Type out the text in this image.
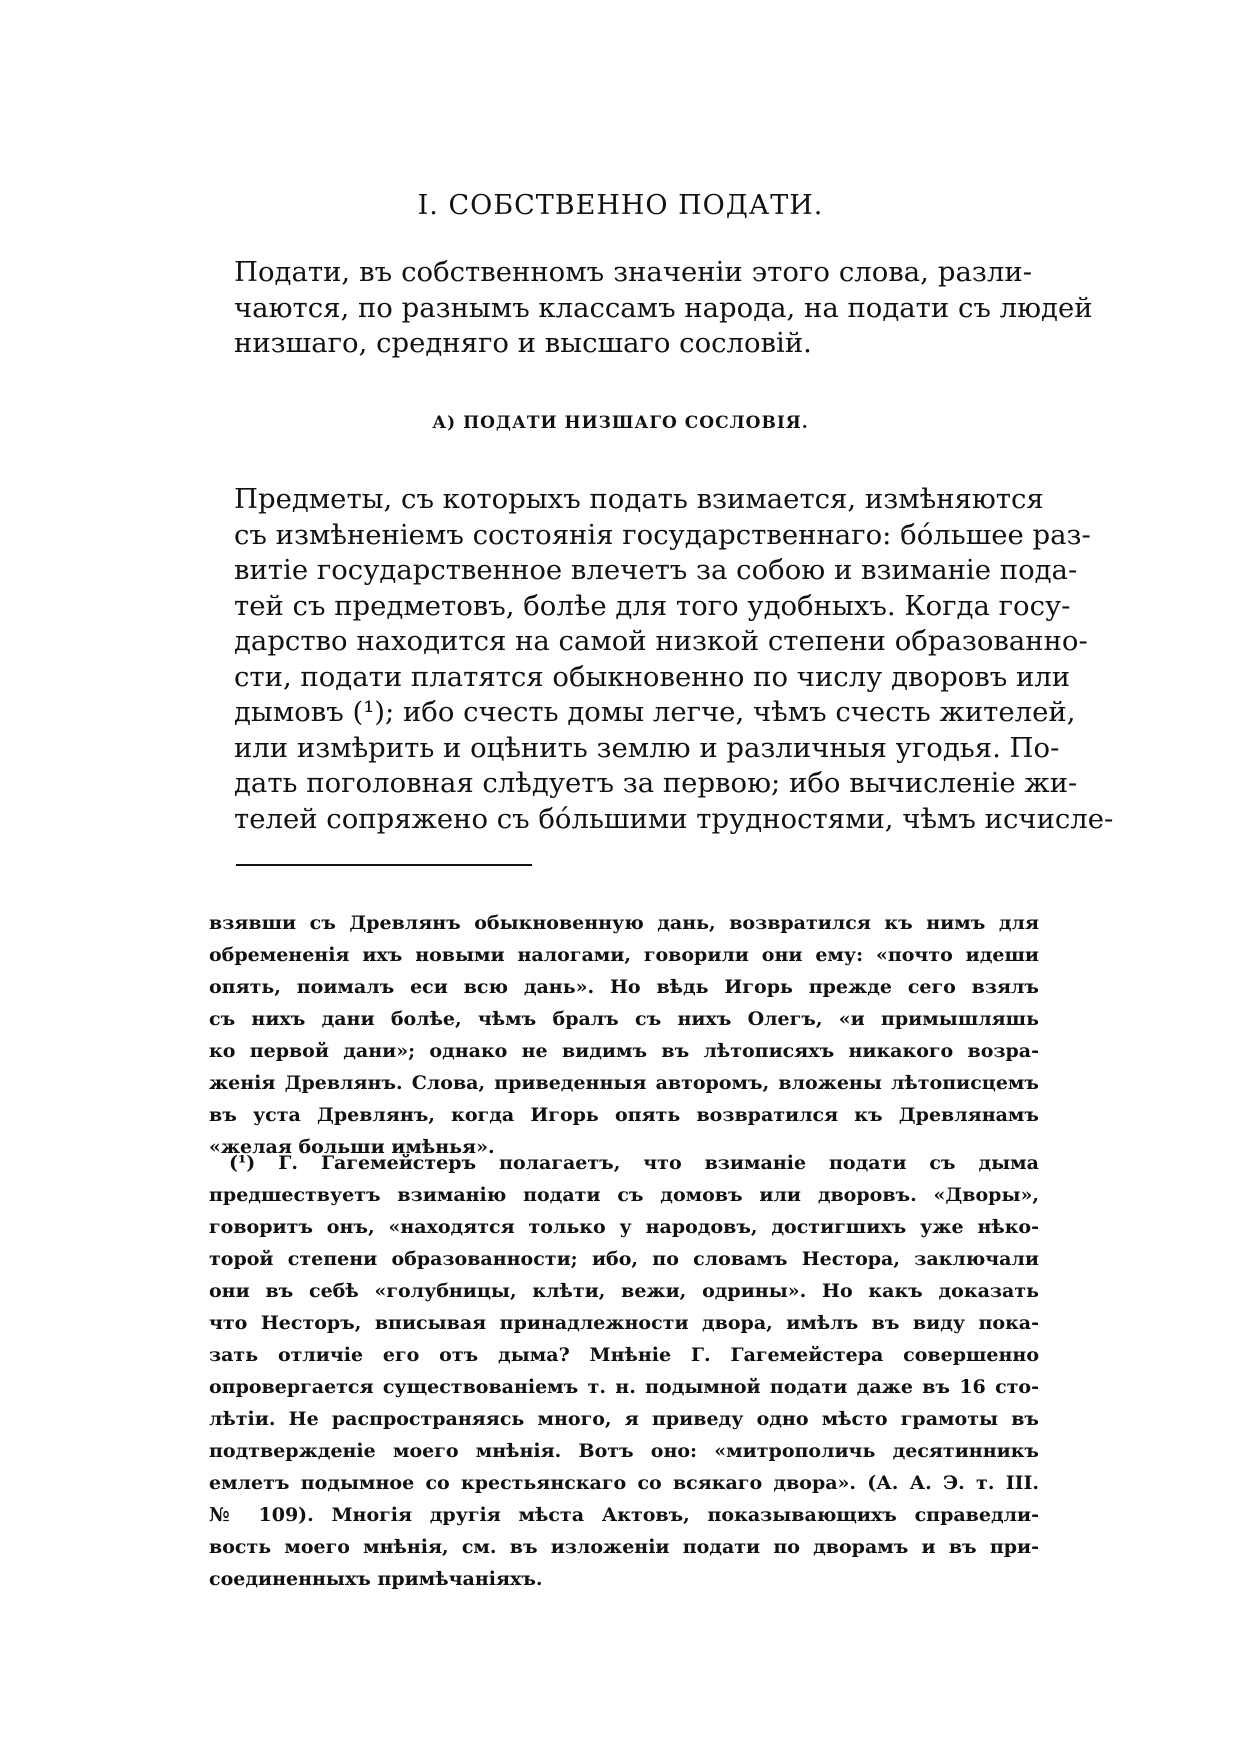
I. СОБСТВЕННО ПОДАТИ.
Подати, въ собственномъ значенiи этого слова, разли-
чаются, по разнымъ классамъ народа, на подати съ людей
низшаго, средняго и высшаго сословiй.
А) ПОДАТИ НИЗШАГО СОСЛОВIЯ.
Предметы, съ которыхъ подать взимается, измѣняются
съ измѣненiемъ состоянiя государственнаго: бóльшее раз-
витiе государственное влечетъ за собою и взиманiе пода-
тей съ предметовъ, болѣе для того удобныхъ. Когда госу-
дарство находится на самой низкой степени образованно-
сти, подати платятся обыкновенно по числу дворовъ или
дымовъ (¹); ибо счесть домы легче, чѣмъ счесть жителей,
или измѣрить и оцѣнить землю и различныя угодья. По-
дать поголовная слѣдуетъ за первою; ибо вычисленiе жи-
телей сопряжено съ бóльшими трудностями, чѣмъ исчисле-
взявши съ Древлянъ обыкновенную дань, возвратился къ нимъ для
обремененiя ихъ новыми налогами, говорили они ему: «почто идеши
опять, поималъ еси всю дань». Но вѣдь Игорь прежде сего взялъ
съ нихъ дани болѣе, чѣмъ бралъ съ нихъ Олегъ, «и примышляшь
ко первой дани»; однако не видимъ въ лѣтописяхъ никакого возра-
женiя Древлянъ. Слова, приведенныя авторомъ, вложены лѣтописцемъ
въ уста Древлянъ, когда Игорь опять возвратился къ Древлянамъ
«желая больши имѣнья».
(¹) Г. Гагемейстеръ полагаетъ, что взиманiе подати съ дыма
предшествуетъ взиманiю подати съ домовъ или дворовъ. «Дворы»,
говоритъ онъ, «находятся только у народовъ, достигшихъ уже нѣко-
торой степени образованности; ибо, по словамъ Нестора, заключали
они въ себѣ «голубницы, клѣти, вежи, одрины». Но какъ доказать
что Несторъ, вписывая принадлежности двора, имѣлъ въ виду пока-
зать отличiе его отъ дыма? Мнѣнiе Г. Гагемейстера совершенно
опровергается существованiемъ т. н. подымной подати даже въ 16 сто-
лѣтiи. Не распространяясь много, я приведу одно мѣсто грамоты въ
подтвержденiе моего мнѣнiя. Вотъ оно: «митрополичь десятинникъ
емлетъ подымное со крестьянскаго со всякаго двора». (А. А. Э. т. III.
№ 109). Многiя другiя мѣста Актовъ, показывающихъ справедли-
вость моего мнѣнiя, см. въ изложенiи подати по дворамъ и въ при-
соединенныхъ примѣчанiяхъ.
